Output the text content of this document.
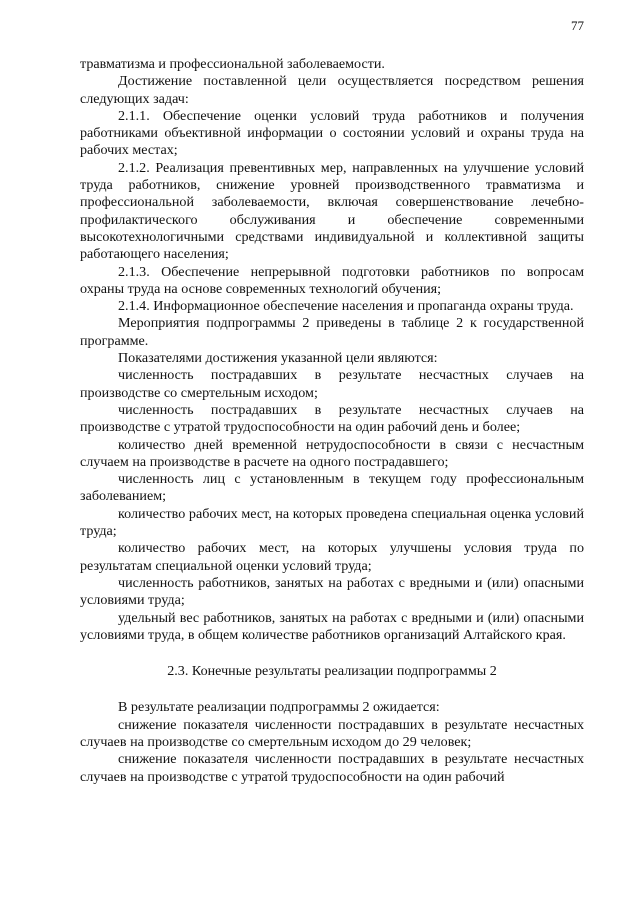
77

травматизма и профессиональной заболеваемости.

Достижение поставленной цели осуществляется посредством решения следующих задач:

2.1.1. Обеспечение оценки условий труда работников и получения работниками объективной информации о состоянии условий и охраны труда на рабочих местах;

2.1.2. Реализация превентивных мер, направленных на улучшение условий труда работников, снижение уровней производственного травматизма и профессиональной заболеваемости, включая совершенствование лечебно-профилактического обслуживания и обеспечение современными высокотехнологичными средствами индивидуальной и коллективной защиты работающего населения;

2.1.3. Обеспечение непрерывной подготовки работников по вопросам охраны труда на основе современных технологий обучения;

2.1.4. Информационное обеспечение населения и пропаганда охраны труда.

Мероприятия подпрограммы 2 приведены в таблице 2 к государственной программе.

Показателями достижения указанной цели являются:

численность пострадавших в результате несчастных случаев на производстве со смертельным исходом;

численность пострадавших в результате несчастных случаев на производстве с утратой трудоспособности на один рабочий день и более;

количество дней временной нетрудоспособности в связи с несчастным случаем на производстве в расчете на одного пострадавшего;

численность лиц с установленным в текущем году профессиональным заболеванием;

количество рабочих мест, на которых проведена специальная оценка условий труда;

количество рабочих мест, на которых улучшены условия труда по результатам специальной оценки условий труда;

численность работников, занятых на работах с вредными и (или) опасными условиями труда;

удельный вес работников, занятых на работах с вредными и (или) опасными условиями труда, в общем количестве работников организаций Алтайского края.

2.3. Конечные результаты реализации подпрограммы 2

В результате реализации подпрограммы 2 ожидается:

снижение показателя численности пострадавших в результате несчастных случаев на производстве со смертельным исходом до 29 человек;

снижение показателя численности пострадавших в результате несчастных случаев на производстве с утратой трудоспособности на один рабочий
